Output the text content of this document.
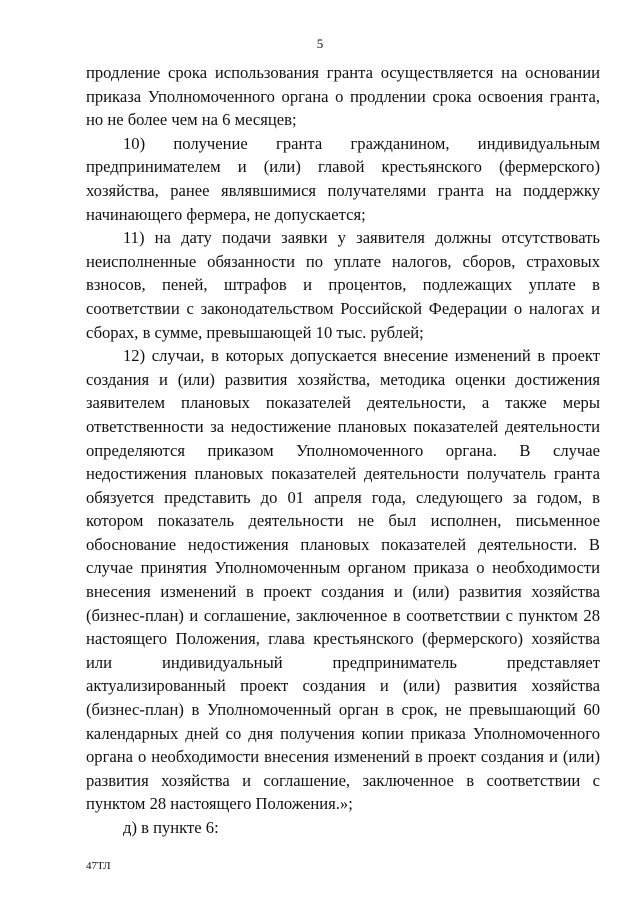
5

продление срока использования гранта осуществляется на основании приказа Уполномоченного органа о продлении срока освоения гранта, но не более чем на 6 месяцев;

10) получение гранта гражданином, индивидуальным предпринимателем и (или) главой крестьянского (фермерского) хозяйства, ранее являвшимися получателями гранта на поддержку начинающего фермера, не допускается;

11) на дату подачи заявки у заявителя должны отсутствовать неисполненные обязанности по уплате налогов, сборов, страховых взносов, пеней, штрафов и процентов, подлежащих уплате в соответствии с законодательством Российской Федерации о налогах и сборах, в сумме, превышающей 10 тыс. рублей;

12) случаи, в которых допускается внесение изменений в проект создания и (или) развития хозяйства, методика оценки достижения заявителем плановых показателей деятельности, а также меры ответственности за недостижение плановых показателей деятельности определяются приказом Уполномоченного органа. В случае недостижения плановых показателей деятельности получатель гранта обязуется представить до 01 апреля года, следующего за годом, в котором показатель деятельности не был исполнен, письменное обоснование недостижения плановых показателей деятельности. В случае принятия Уполномоченным органом приказа о необходимости внесения изменений в проект создания и (или) развития хозяйства (бизнес-план) и соглашение, заключенное в соответствии с пунктом 28 настоящего Положения, глава крестьянского (фермерского) хозяйства или индивидуальный предприниматель представляет актуализированный проект создания и (или) развития хозяйства (бизнес-план) в Уполномоченный орган в срок, не превышающий 60 календарных дней со дня получения копии приказа Уполномоченного органа о необходимости внесения изменений в проект создания и (или) развития хозяйства и соглашение, заключенное в соответствии с пунктом 28 настоящего Положения.»;

д) в пункте 6:

47ТЛ
